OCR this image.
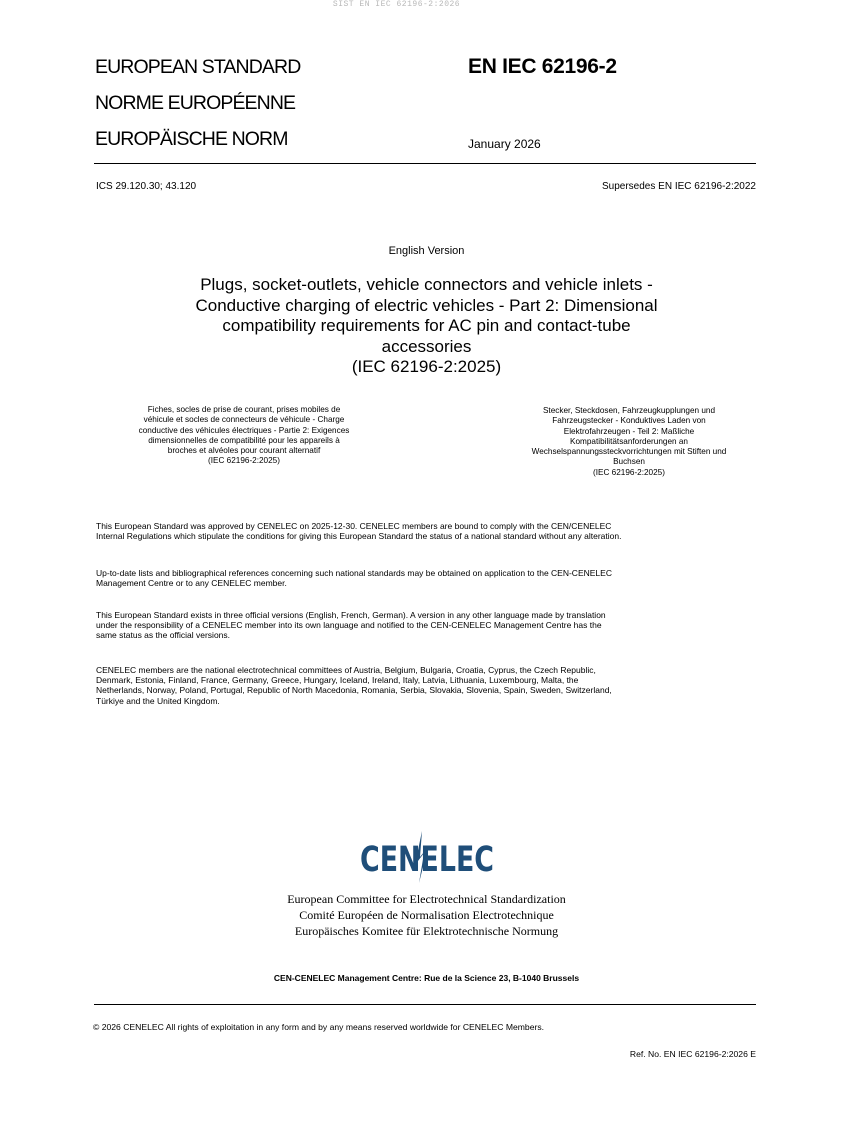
SIST EN IEC 62196-2:2026
EUROPEAN STANDARD
NORME EUROPÉENNE
EUROPÄISCHE NORM
EN IEC 62196-2
January 2026
ICS 29.120.30; 43.120	Supersedes EN IEC 62196-2:2022
English Version
Plugs, socket-outlets, vehicle connectors and vehicle inlets -
Conductive charging of electric vehicles - Part 2: Dimensional
compatibility requirements for AC pin and contact-tube
accessories
(IEC 62196-2:2025)
Fiches, socles de prise de courant, prises mobiles de
véhicule et socles de connecteurs de véhicule - Charge
conductive des véhicules électriques - Partie 2: Exigences
dimensionnelles de compatibilité pour les appareils à
broches et alvéoles pour courant alternatif
(IEC 62196-2:2025)
Stecker, Steckdosen, Fahrzeugkupplungen und
Fahrzeugstecker - Konduktives Laden von
Elektrofahrzeugen - Teil 2: Maßliche
Kompatibilitätsanforderungen an
Wechselspannungssteckvorrichtungen mit Stiften und
Buchsen
(IEC 62196-2:2025)
This European Standard was approved by CENELEC on 2025-12-30. CENELEC members are bound to comply with the CEN/CENELEC
Internal Regulations which stipulate the conditions for giving this European Standard the status of a national standard without any alteration.
Up-to-date lists and bibliographical references concerning such national standards may be obtained on application to the CEN-CENELEC
Management Centre or to any CENELEC member.
This European Standard exists in three official versions (English, French, German). A version in any other language made by translation
under the responsibility of a CENELEC member into its own language and notified to the CEN-CENELEC Management Centre has the
same status as the official versions.
CENELEC members are the national electrotechnical committees of Austria, Belgium, Bulgaria, Croatia, Cyprus, the Czech Republic,
Denmark, Estonia, Finland, France, Germany, Greece, Hungary, Iceland, Ireland, Italy, Latvia, Lithuania, Luxembourg, Malta, the
Netherlands, Norway, Poland, Portugal, Republic of North Macedonia, Romania, Serbia, Slovakia, Slovenia, Spain, Sweden, Switzerland,
Türkiye and the United Kingdom.
CENELEC
European Committee for Electrotechnical Standardization
Comité Européen de Normalisation Electrotechnique
Europäisches Komitee für Elektrotechnische Normung
CEN-CENELEC Management Centre: Rue de la Science 23, B-1040 Brussels
© 2026 CENELEC All rights of exploitation in any form and by any means reserved worldwide for CENELEC Members.
Ref. No. EN IEC 62196-2:2026 E
